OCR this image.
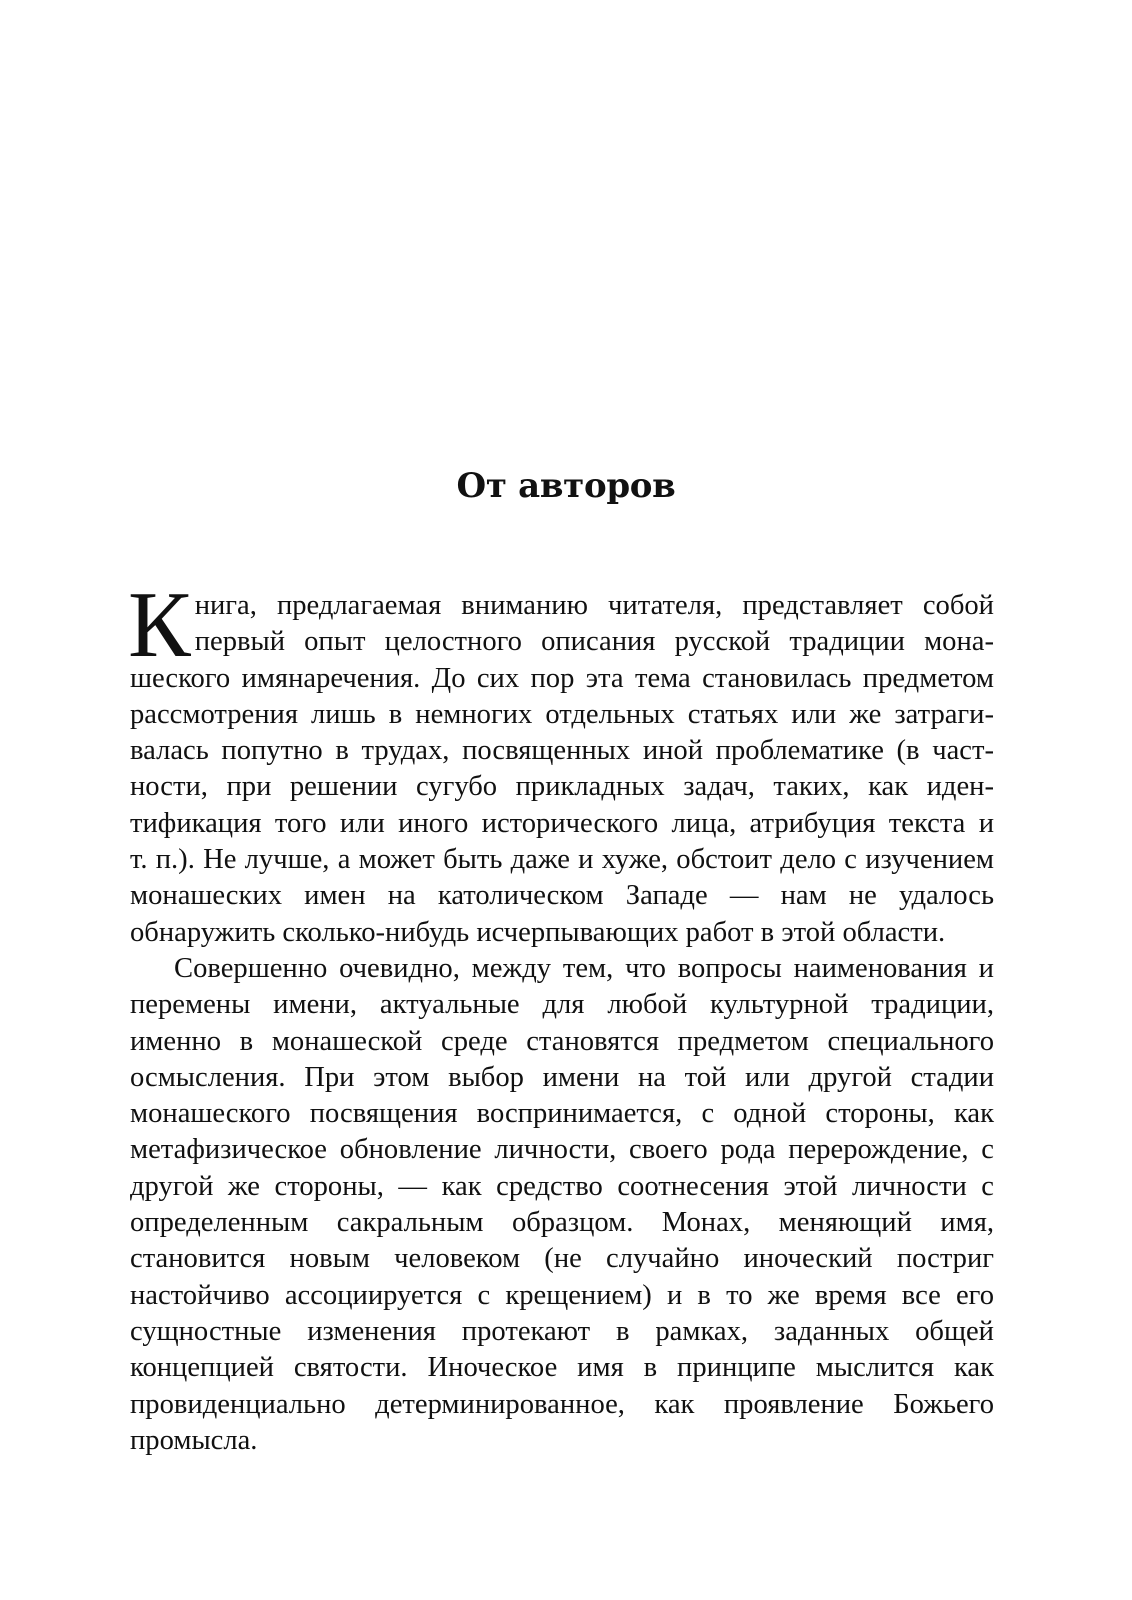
От авторов

Книга, предлагаемая вниманию читателя, представляет собой первый опыт целостного описания русской традиции монашеского имянаречения. До сих пор эта тема становилась предметом рассмотрения лишь в немногих отдельных статьях или же затрагивалась попутно в трудах, посвященных иной проблематике (в частности, при решении сугубо прикладных задач, таких, как идентификация того или иного исторического лица, атрибуция текста и т. п.). Не лучше, а может быть даже и хуже, обстоит дело с изучением монашеских имен на католическом Западе — нам не удалось обнаружить сколько-нибудь исчерпывающих работ в этой области.

Совершенно очевидно, между тем, что вопросы наименования и перемены имени, актуальные для любой культурной традиции, именно в монашеской среде становятся предметом специального осмысления. При этом выбор имени на той или другой стадии монашеского посвящения воспринимается, с одной стороны, как метафизическое обновление личности, своего рода перерождение, с другой же стороны, — как средство соотнесения этой личности с определенным сакральным образцом. Монах, меняющий имя, становится новым человеком (не случайно иноческий постриг настойчиво ассоциируется с крещением) и в то же время все его сущностные изменения протекают в рамках, заданных общей концепцией святости. Иноческое имя в принципе мыслится как провиденциально детерминированное, как проявление Божьего промысла.
